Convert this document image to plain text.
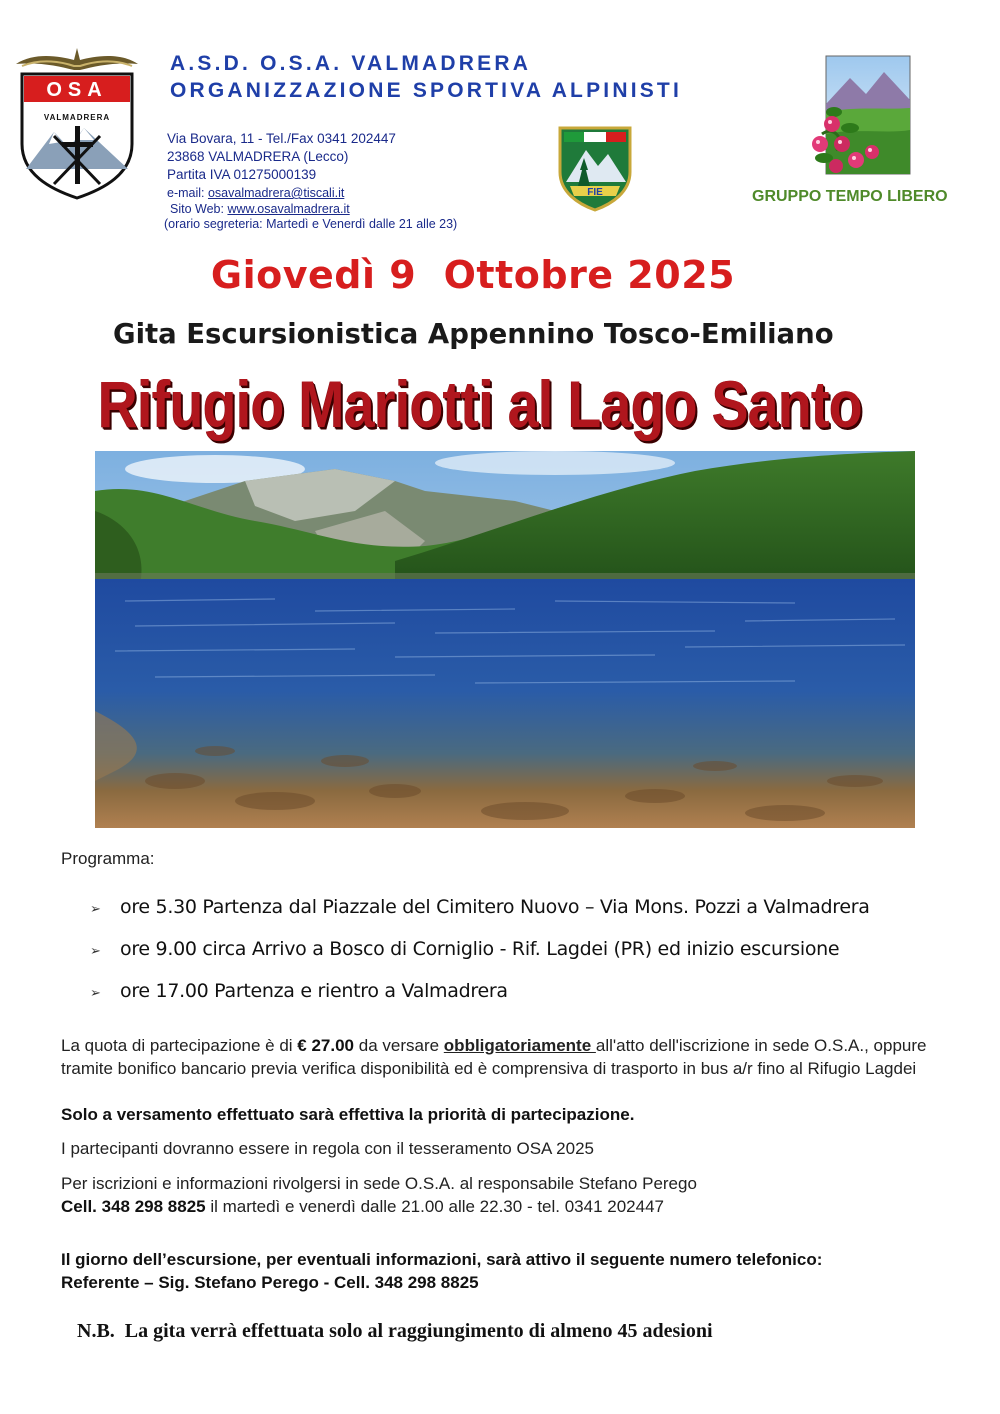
OSA
VALMADRERA
A.S.D. O.S.A. VALMADRERA
ORGANIZZAZIONE SPORTIVA ALPINISTI
Via Bovara, 11 - Tel./Fax 0341 202447
23868 VALMADRERA (Lecco)
Partita IVA 01275000139
e-mail: osavalmadrera@tiscali.it
Sito Web: www.osavalmadrera.it
(orario segreteria: Martedì e Venerdì dalle 21 alle 23)
FIE	GRUPPO TEMPO LIBERO
Giovedì 9  Ottobre 2025
Gita Escursionistica Appennino Tosco-Emiliano
Rifugio Mariotti al Lago Santo
Programma:
➢ ore 5.30 Partenza dal Piazzale del Cimitero Nuovo – Via Mons. Pozzi a Valmadrera
➢ ore 9.00 circa Arrivo a Bosco di Corniglio - Rif. Lagdei (PR) ed inizio escursione
➢ ore 17.00 Partenza e rientro a Valmadrera
La quota di partecipazione è di € 27.00 da versare obbligatoriamente all'atto dell'iscrizione in sede O.S.A., oppure tramite bonifico bancario previa verifica disponibilità ed è comprensiva di trasporto in bus a/r fino al Rifugio Lagdei
Solo a versamento effettuato sarà effettiva la priorità di partecipazione.
I partecipanti dovranno essere in regola con il tesseramento OSA 2025
Per iscrizioni e informazioni rivolgersi in sede O.S.A. al responsabile Stefano Perego
Cell. 348 298 8825 il martedì e venerdì dalle 21.00 alle 22.30 - tel. 0341 202447
Il giorno dell’escursione, per eventuali informazioni, sarà attivo il seguente numero telefonico:
Referente – Sig. Stefano Perego - Cell. 348 298 8825
N.B.  La gita verrà effettuata solo al raggiungimento di almeno 45 adesioni
